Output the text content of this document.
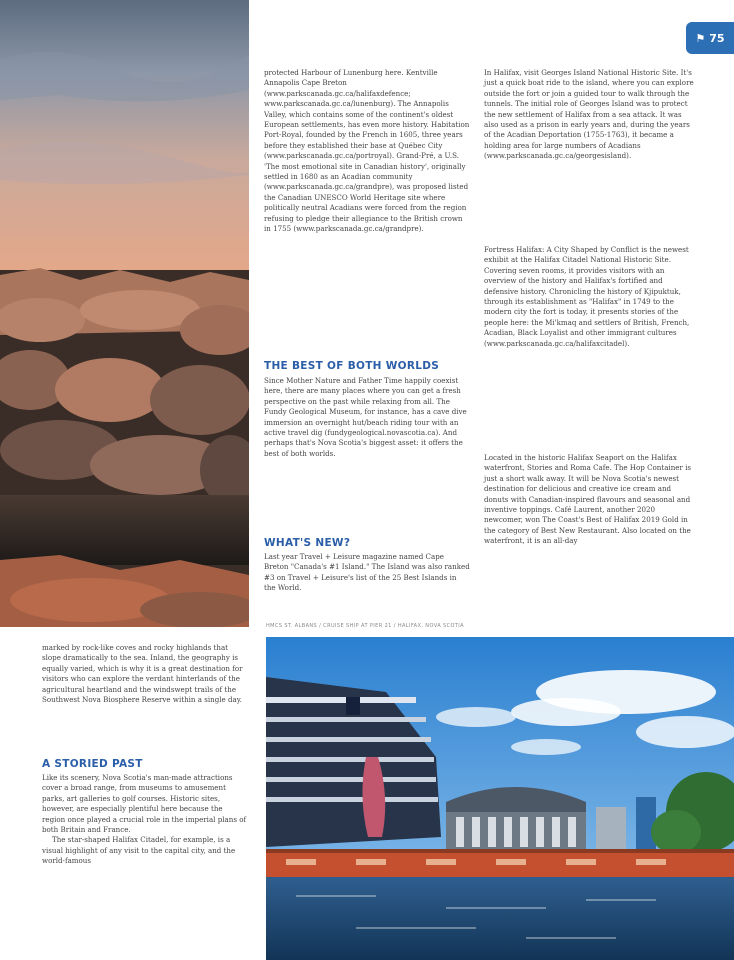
⚑ 75

protected Harbour of Lunenburg here. Kentville Annapolis Cape Breton (www.parkscanada.gc.ca/halifaxdefence; www.parkscanada.gc.ca/lunenburg). The Annapolis Valley, which contains some of the continent's oldest European settlements, has even more history. Habitation Port-Royal, founded by the French in 1605, three years before they established their base at Québec City (www.parkscanada.gc.ca/portroyal). Grand-Pré, a U.S. 'The most emotional site in Canadian history', originally settled in 1680 as an Acadian community (www.parkscanada.gc.ca/grandpre), was proposed listed the Canadian UNESCO World Heritage site where politically neutral Acadians were forced from the region refusing to pledge their allegiance to the British crown in 1755 (www.parkscanada.gc.ca/grandpre).

THE BEST OF BOTH WORLDS

Since Mother Nature and Father Time happily coexist here, there are many places where you can get a fresh perspective on the past while relaxing from all. The Fundy Geological Museum, for instance, has a cave dive immersion an overnight hut/beach riding tour with an active travel dig (fundygeological.novascotia.ca). And perhaps that's Nova Scotia's biggest asset: it offers the best of both worlds.

WHAT'S NEW?

Last year Travel + Leisure magazine named Cape Breton "Canada's #1 Island." The Island was also ranked #3 on Travel + Leisure's list of the 25 Best Islands in the World.

In Halifax, visit Georges Island National Historic Site. It's just a quick boat ride to the island, where you can explore outside the fort or join a guided tour to walk through the tunnels. The initial role of Georges Island was to protect the new settlement of Halifax from a sea attack. It was also used as a prison in early years and, during the years of the Acadian Deportation (1755-1763), it became a holding area for large numbers of Acadians (www.parkscanada.gc.ca/georgesisland).

Fortress Halifax: A City Shaped by Conflict is the newest exhibit at the Halifax Citadel National Historic Site. Covering seven rooms, it provides visitors with an overview of the history and Halifax's fortified and defensive history. Chronicling the history of Kjipuktuk, through its establishment as "Halifax" in 1749 to the modern city the fort is today, it presents stories of the people here: the Mi'kmaq and settlers of British, French, Acadian, Black Loyalist and other immigrant cultures (www.parkscanada.gc.ca/halifaxcitadel).

Located in the historic Halifax Seaport on the Halifax waterfront, Stories and Roma Cafe. The Hop Container is just a short walk away. It will be Nova Scotia's newest destination for delicious and creative ice cream and donuts with Canadian-inspired flavours and seasonal and inventive toppings. Café Laurent, another 2020 newcomer, won The Coast's Best of Halifax 2019 Gold in the category of Best New Restaurant. Also located on the waterfront, it is an all-day

HMCS ST. ALBANS / CRUISE SHIP AT PIER 21 / HALIFAX, NOVA SCOTIA

marked by rock-like coves and rocky highlands that slope dramatically to the sea. Inland, the geography is equally varied, which is why it is a great destination for visitors who can explore the verdant hinterlands of the agricultural heartland and the windswept trails of the Southwest Nova Biosphere Reserve within a single day.

A STORIED PAST

Like its scenery, Nova Scotia's man-made attractions cover a broad range, from museums to amusement parks, art galleries to golf courses. Historic sites, however, are especially plentiful here because the region once played a crucial role in the imperial plans of both Britain and France.

The star-shaped Halifax Citadel, for example, is a visual highlight of any visit to the capital city, and the world-famous
